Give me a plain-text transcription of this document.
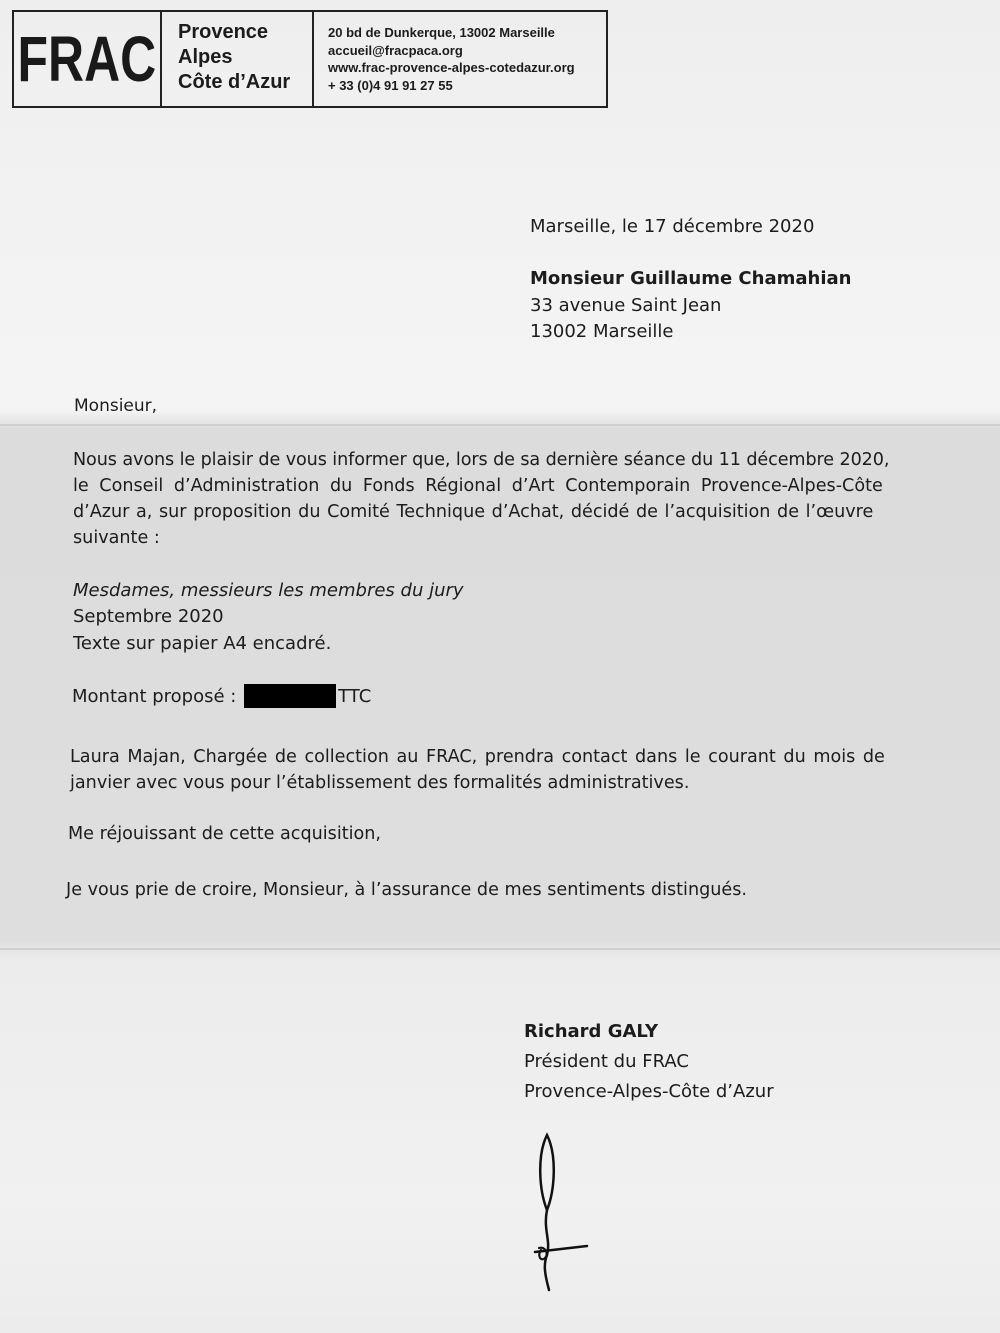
FRAC Provence
Alpes
Côte d’Azur
20 bd de Dunkerque, 13002 Marseille
accueil@fracpaca.org
www.frac-provence-alpes-cotedazur.org
+ 33 (0)4 91 91 27 55
Marseille, le 17 décembre 2020
Monsieur Guillaume Chamahian
33 avenue Saint Jean
13002 Marseille
Monsieur,
Nous avons le plaisir de vous informer que, lors de sa dernière séance du 11 décembre 2020,
le Conseil d’Administration du Fonds Régional d’Art Contemporain Provence-Alpes-Côte
d’Azur a, sur proposition du Comité Technique d’Achat, décidé de l’acquisition de l’œuvre
suivante :
Mesdames, messieurs les membres du jury
Septembre 2020
Texte sur papier A4 encadré.
Montant proposé :	TTC
Laura Majan, Chargée de collection au FRAC, prendra contact dans le courant du mois de
janvier avec vous pour l’établissement des formalités administratives.
Me réjouissant de cette acquisition,
Je vous prie de croire, Monsieur, à l’assurance de mes sentiments distingués.
Richard GALY
Président du FRAC
Provence-Alpes-Côte d’Azur
